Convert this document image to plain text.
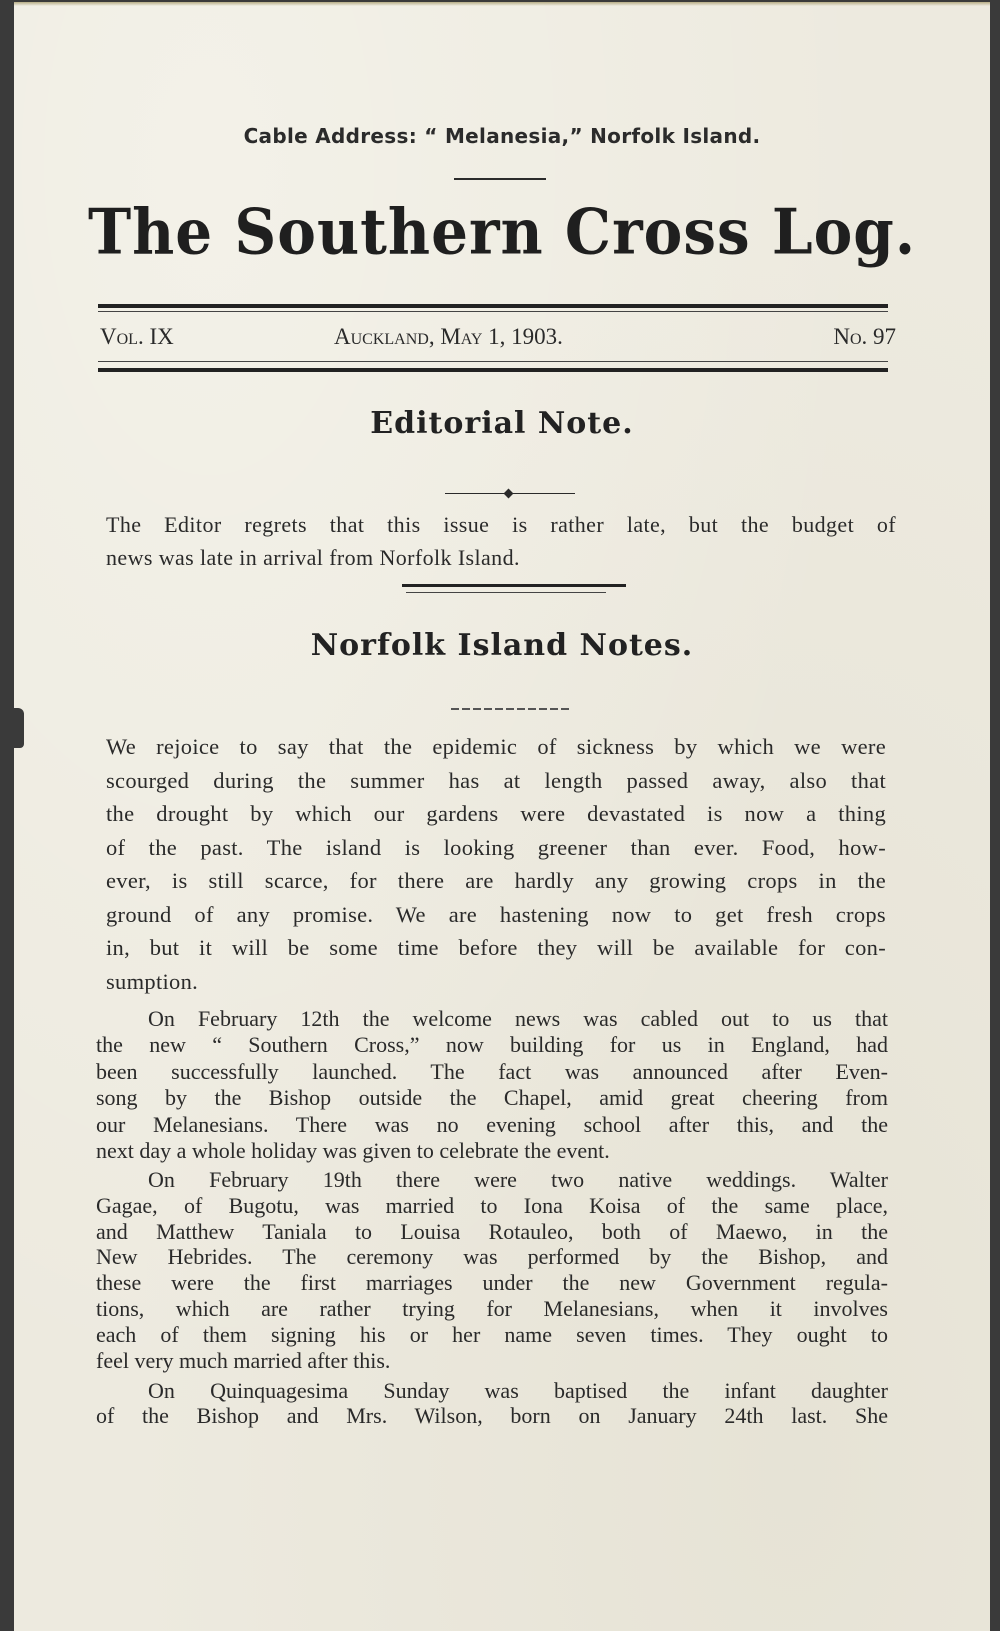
Cable Address: “ Melanesia,” Norfolk Island.
The Southern Cross Log.
Vol. IX	Auckland, May 1, 1903.	No. 97
Editorial Note.
The Editor regrets that this issue is rather late, but the budget of
news was late in arrival from Norfolk Island.
Norfolk Island Notes.
We rejoice to say that the epidemic of sickness by which we were
scourged during the summer has at length passed away, also that
the drought by which our gardens were devastated is now a thing
of the past. The island is looking greener than ever. Food, how-
ever, is still scarce, for there are hardly any growing crops in the
ground of any promise. We are hastening now to get fresh crops
in, but it will be some time before they will be available for con-
sumption.
On February 12th the welcome news was cabled out to us that
the new “ Southern Cross,” now building for us in England, had
been successfully launched. The fact was announced after Even-
song by the Bishop outside the Chapel, amid great cheering from
our Melanesians. There was no evening school after this, and the
next day a whole holiday was given to celebrate the event.
On February 19th there were two native weddings. Walter
Gagae, of Bugotu, was married to Iona Koisa of the same place,
and Matthew Taniala to Louisa Rotauleo, both of Maewo, in the
New Hebrides. The ceremony was performed by the Bishop, and
these were the first marriages under the new Government regula-
tions, which are rather trying for Melanesians, when it involves
each of them signing his or her name seven times. They ought to
feel very much married after this.
On Quinquagesima Sunday was baptised the infant daughter
of the Bishop and Mrs. Wilson, born on January 24th last. She
